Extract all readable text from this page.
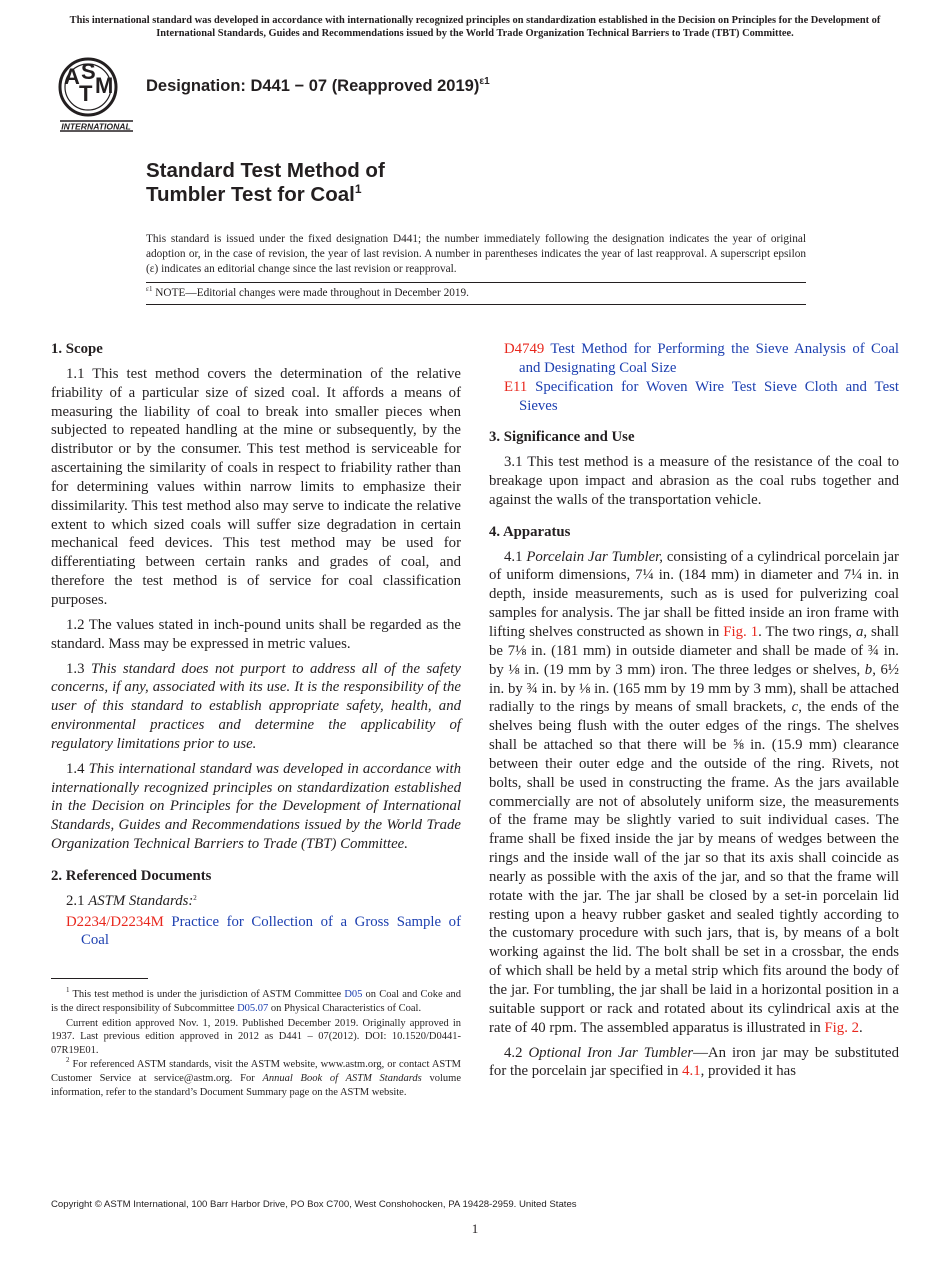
This international standard was developed in accordance with internationally recognized principles on standardization established in the Decision on Principles for the Development of International Standards, Guides and Recommendations issued by the World Trade Organization Technical Barriers to Trade (TBT) Committee.
A S
T M
INTERNATIONAL
Designation: D441 − 07 (Reapproved 2019)$^{\varepsilon 1}$
Standard Test Method of
Tumbler Test for Coal$^1$
This standard is issued under the fixed designation D441; the number immediately following the designation indicates the year of original adoption or, in the case of revision, the year of last revision. A number in parentheses indicates the year of last reapproval. A superscript epsilon (ε) indicates an editorial change since the last revision or reapproval.
$^{\varepsilon 1}$ NOTE—Editorial changes were made throughout in December 2019.
1. Scope

1.1 This test method covers the determination of the relative friability of a particular size of sized coal. It affords a means of measuring the liability of coal to break into smaller pieces when subjected to repeated handling at the mine or subsequently, by the distributor or by the consumer. This test method is serviceable for ascertaining the similarity of coals in respect to friability rather than for determining values within narrow limits to emphasize their dissimilarity. This test method also may serve to indicate the relative extent to which sized coals will suffer size degradation in certain mechanical feed devices. This test method may be used for differentiating between certain ranks and grades of coal, and therefore the test method is of service for coal classification purposes.

1.2 The values stated in inch-pound units shall be regarded as the standard. Mass may be expressed in metric values.

1.3 This standard does not purport to address all of the safety concerns, if any, associated with its use. It is the responsibility of the user of this standard to establish appropriate safety, health, and environmental practices and determine the applicability of regulatory limitations prior to use.

1.4 This international standard was developed in accordance with internationally recognized principles on standardization established in the Decision on Principles for the Development of International Standards, Guides and Recommendations issued by the World Trade Organization Technical Barriers to Trade (TBT) Committee.

2. Referenced Documents

2.1 ASTM Standards:$^2$

D2234/D2234M Practice for Collection of a Gross Sample of Coal

$^1$ This test method is under the jurisdiction of ASTM Committee D05 on Coal and Coke and is the direct responsibility of Subcommittee D05.07 on Physical Characteristics of Coal.

Current edition approved Nov. 1, 2019. Published December 2019. Originally approved in 1937. Last previous edition approved in 2012 as D441 – 07(2012). DOI: 10.1520/D0441-07R19E01.

$^2$ For referenced ASTM standards, visit the ASTM website, www.astm.org, or contact ASTM Customer Service at service@astm.org. For Annual Book of ASTM Standards volume information, refer to the standard’s Document Summary page on the ASTM website.

D4749 Test Method for Performing the Sieve Analysis of Coal and Designating Coal Size

E11 Specification for Woven Wire Test Sieve Cloth and Test Sieves

3. Significance and Use

3.1 This test method is a measure of the resistance of the coal to breakage upon impact and abrasion as the coal rubs together and against the walls of the transportation vehicle.

4. Apparatus

4.1 Porcelain Jar Tumbler, consisting of a cylindrical porcelain jar of uniform dimensions, 7¼ in. (184 mm) in diameter and 7¼ in. in depth, inside measurements, such as is used for pulverizing coal samples for analysis. The jar shall be fitted inside an iron frame with lifting shelves constructed as shown in Fig. 1. The two rings, a, shall be 7⅛ in. (181 mm) in outside diameter and shall be made of ¾ in. by ⅛ in. (19 mm by 3 mm) iron. The three ledges or shelves, b, 6½ in. by ¾ in. by ⅛ in. (165 mm by 19 mm by 3 mm), shall be attached radially to the rings by means of small brackets, c, the ends of the shelves being flush with the outer edges of the rings. The shelves shall be attached so that there will be ⅝ in. (15.9 mm) clearance between their outer edge and the outside of the ring. Rivets, not bolts, shall be used in constructing the frame. As the jars available commercially are not of absolutely uniform size, the measurements of the frame may be slightly varied to suit individual cases. The frame shall be fixed inside the jar by means of wedges between the rings and the inside wall of the jar so that its axis shall coincide as nearly as possible with the axis of the jar, and so that the frame will rotate with the jar. The jar shall be closed by a set-in porcelain lid resting upon a heavy rubber gasket and sealed tightly according to the customary procedure with such jars, that is, by means of a bolt working against the lid. The bolt shall be set in a crossbar, the ends of which shall be held by a metal strip which fits around the body of the jar. For tumbling, the jar shall be laid in a horizontal position in a suitable support or rack and rotated about its cylindrical axis at the rate of 40 rpm. The assembled apparatus is illustrated in Fig. 2.

4.2 Optional Iron Jar Tumbler—An iron jar may be substituted for the porcelain jar specified in 4.1, provided it has

Copyright © ASTM International, 100 Barr Harbor Drive, PO Box C700, West Conshohocken, PA 19428-2959. United States
1
